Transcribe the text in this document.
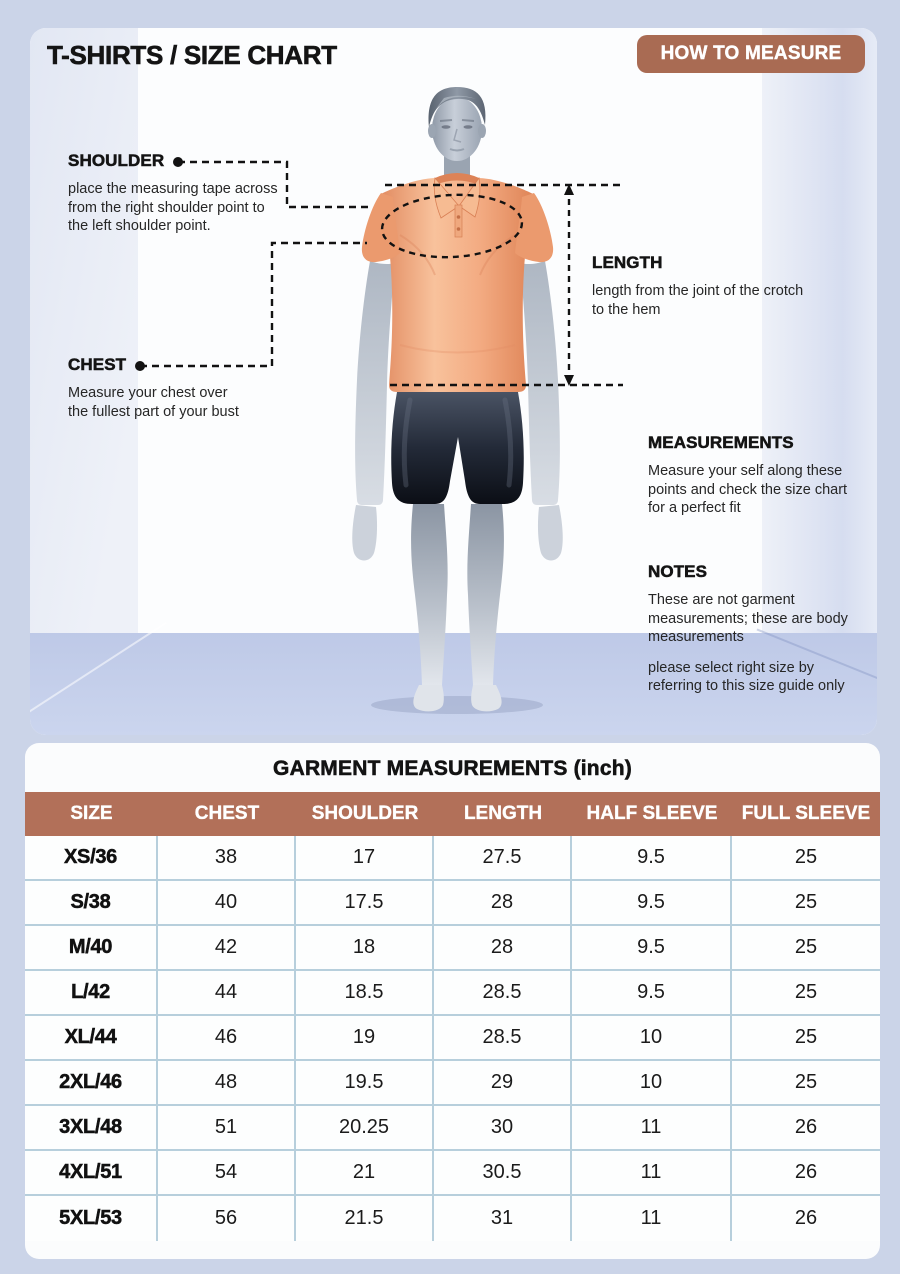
T-SHIRTS / SIZE CHART	HOW TO MEASURE
SHOULDER

place the measuring tape across from the right shoulder point to the left shoulder point.

CHEST

Measure your chest over the fullest part of your bust

LENGTH

length from the joint of the crotch to the hem

MEASUREMENTS

Measure your self along these points and check the size chart for a perfect fit

NOTES

These are not garment measurements; these are body measurements

please select right size by referring to this size guide only

GARMENT MEASUREMENTS (inch)
SIZE	CHEST	SHOULDER	LENGTH	HALF SLEEVE	FULL SLEEVE
XS/36	38	17	27.5	9.5	25
S/38	40	17.5	28	9.5	25
M/40	42	18	28	9.5	25
L/42	44	18.5	28.5	9.5	25
XL/44	46	19	28.5	10	25
2XL/46	48	19.5	29	10	25
3XL/48	51	20.25	30	11	26
4XL/51	54	21	30.5	11	26
5XL/53	56	21.5	31	11	26
